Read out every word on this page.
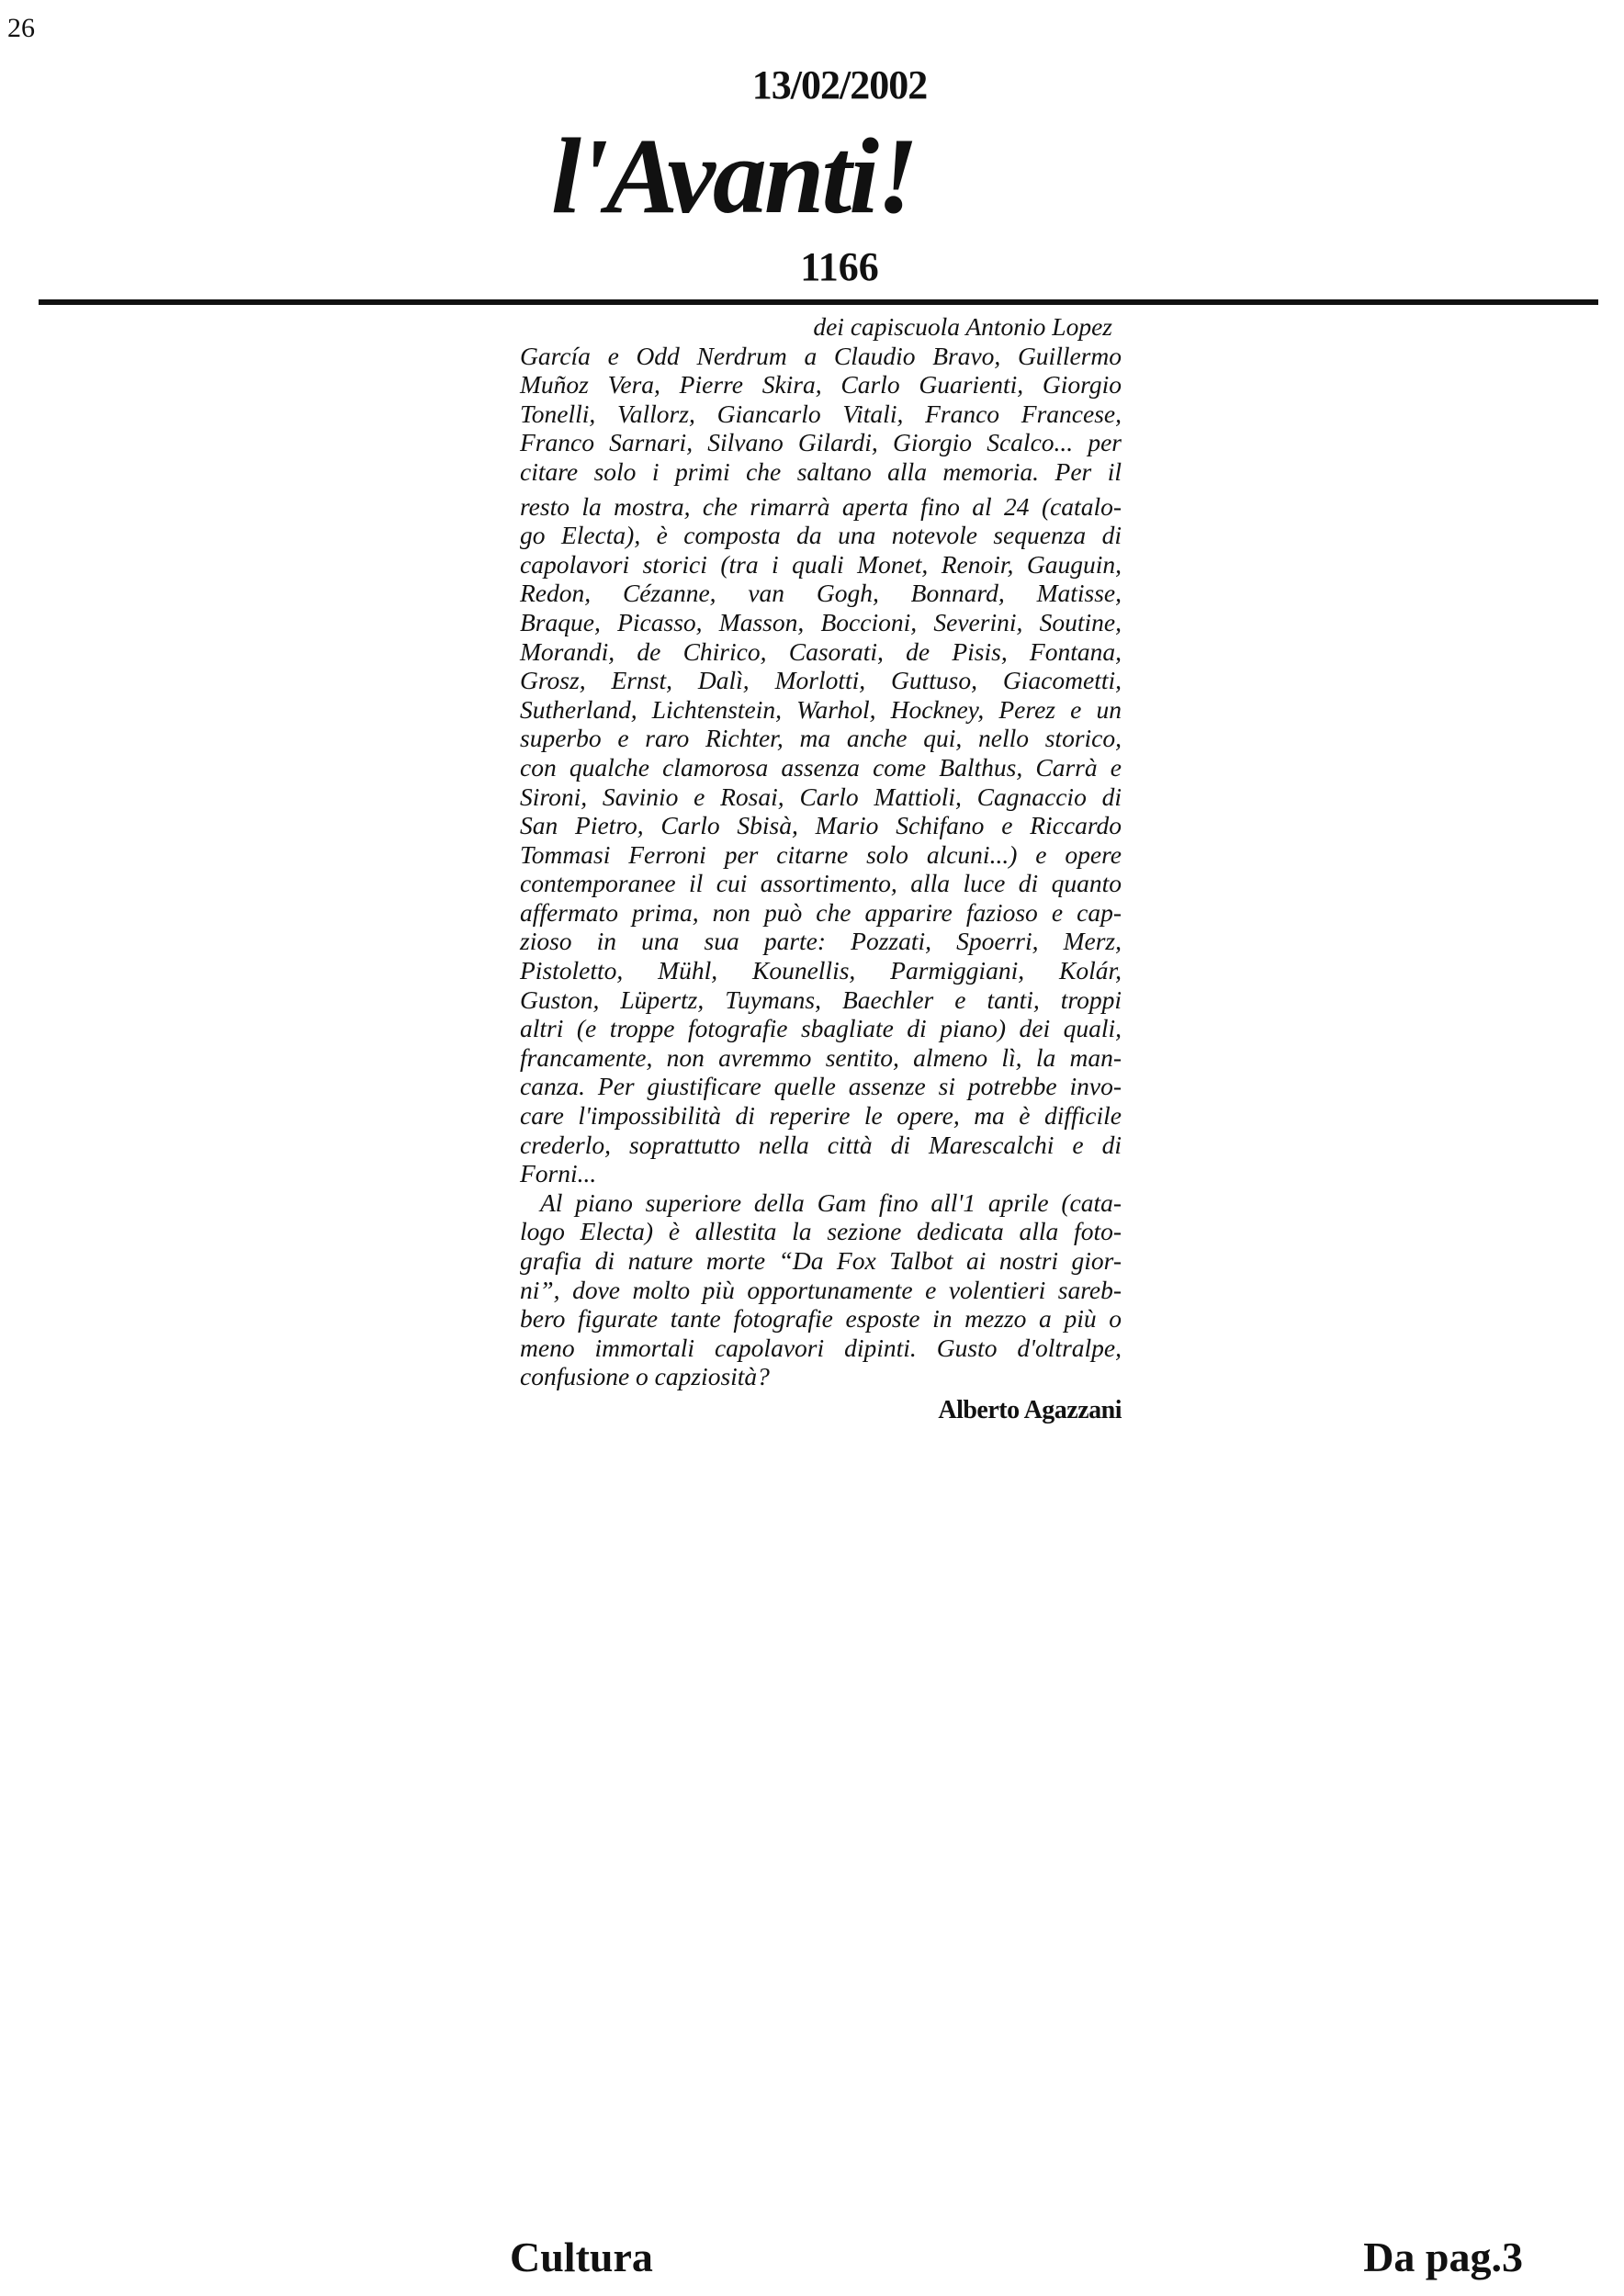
26
13/02/2002
l'Avanti!
1166
dei capiscuola Antonio Lopez
García e Odd Nerdrum a Claudio Bravo, Guillermo
Muñoz Vera, Pierre Skira, Carlo Guarienti, Giorgio
Tonelli, Vallorz, Giancarlo Vitali, Franco Francese,
Franco Sarnari, Silvano Gilardi, Giorgio Scalco... per
citare solo i primi che saltano alla memoria. Per il
resto la mostra, che rimarrà aperta fino al 24 (catalo-
go Electa), è composta da una notevole sequenza di
capolavori storici (tra i quali Monet, Renoir, Gauguin,
Redon, Cézanne, van Gogh, Bonnard, Matisse,
Braque, Picasso, Masson, Boccioni, Severini, Soutine,
Morandi, de Chirico, Casorati, de Pisis, Fontana,
Grosz, Ernst, Dalì, Morlotti, Guttuso, Giacometti,
Sutherland, Lichtenstein, Warhol, Hockney, Perez e un
superbo e raro Richter, ma anche qui, nello storico,
con qualche clamorosa assenza come Balthus, Carrà e
Sironi, Savinio e Rosai, Carlo Mattioli, Cagnaccio di
San Pietro, Carlo Sbisà, Mario Schifano e Riccardo
Tommasi Ferroni per citarne solo alcuni...) e opere
contemporanee il cui assortimento, alla luce di quanto
affermato prima, non può che apparire fazioso e cap-
zioso in una sua parte: Pozzati, Spoerri, Merz,
Pistoletto, Mühl, Kounellis, Parmiggiani, Kolár,
Guston, Lüpertz, Tuymans, Baechler e tanti, troppi
altri (e troppe fotografie sbagliate di piano) dei quali,
francamente, non avremmo sentito, almeno lì, la man-
canza. Per giustificare quelle assenze si potrebbe invo-
care l'impossibilità di reperire le opere, ma è difficile
crederlo, soprattutto nella città di Marescalchi e di
Forni...
Al piano superiore della Gam fino all'1 aprile (cata-
logo Electa) è allestita la sezione dedicata alla foto-
grafia di nature morte “Da Fox Talbot ai nostri gior-
ni”, dove molto più opportunamente e volentieri sareb-
bero figurate tante fotografie esposte in mezzo a più o
meno immortali capolavori dipinti. Gusto d'oltralpe,
confusione o capziosità?
Alberto Agazzani
Cultura	Da pag.3
